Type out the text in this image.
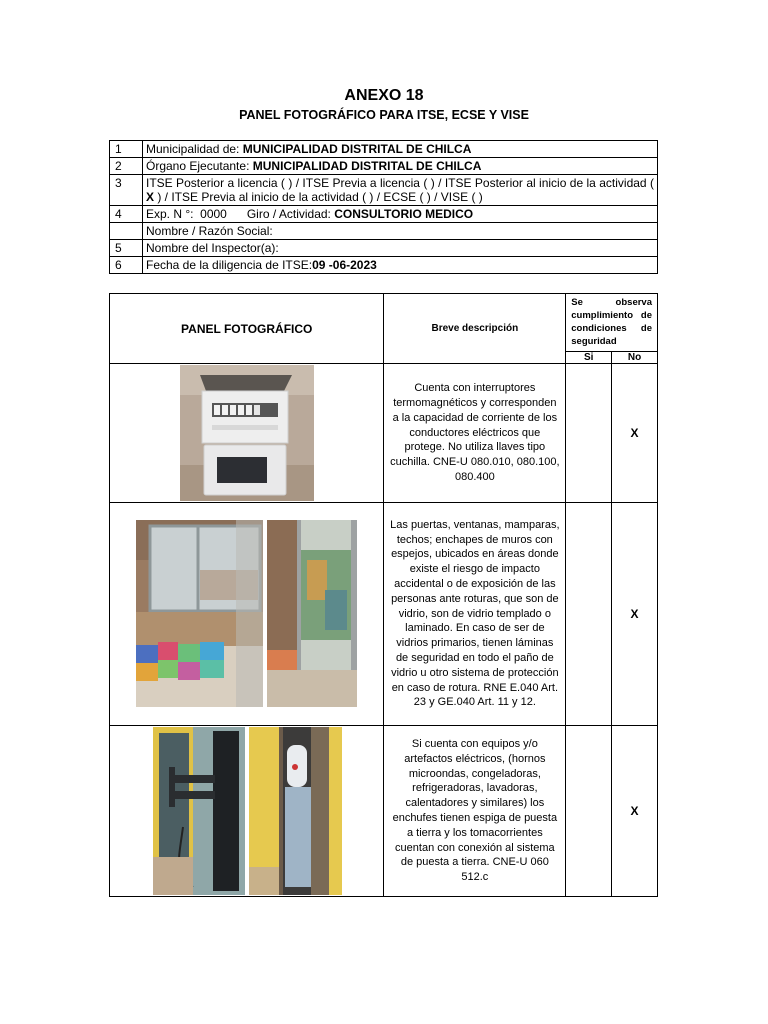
ANEXO 18
PANEL FOTOGRÁFICO PARA ITSE, ECSE Y VISE
1	Municipalidad de: MUNICIPALIDAD DISTRITAL DE CHILCA
2	Órgano Ejecutante: MUNICIPALIDAD DISTRITAL DE CHILCA
3	ITSE Posterior a licencia ( ) / ITSE Previa a licencia ( ) / ITSE Posterior al inicio de la actividad ( X ) / ITSE Previa al inicio de la actividad ( ) / ECSE ( ) / VISE ( )
4	Exp. N °:  0000      Giro / Actividad: CONSULTORIO MEDICO
	Nombre / Razón Social:
5	Nombre del Inspector(a):
6	Fecha de la diligencia de ITSE:09 -06-2023
PANEL FOTOGRÁFICO	Breve descripción	Se observa cumplimiento de condiciones de seguridad	
		Si	No

	Cuenta con interruptores termomagnéticos y corresponden a la capacidad de corriente de los conductores eléctricos que protege. No utiliza llaves tipo cuchilla. CNE-U 080.010, 080.100, 080.400		X

	Las puertas, ventanas, mamparas, techos; enchapes de muros con espejos, ubicados en áreas donde existe el riesgo de impacto accidental o de exposición de las personas ante roturas, que son de vidrio, son de vidrio templado o laminado. En caso de ser de vidrios primarios, tienen láminas de seguridad en todo el paño de vidrio u otro sistema de protección en caso de rotura. RNE E.040 Art. 23 y GE.040 Art. 11 y 12.		X

	Si cuenta con equipos y/o artefactos eléctricos, (hornos microondas, congeladoras, refrigeradoras, lavadoras, calentadores y similares) los enchufes tienen espiga de puesta a tierra y los tomacorrientes cuentan con conexión al sistema de puesta a tierra. CNE-U 060 512.c		X
